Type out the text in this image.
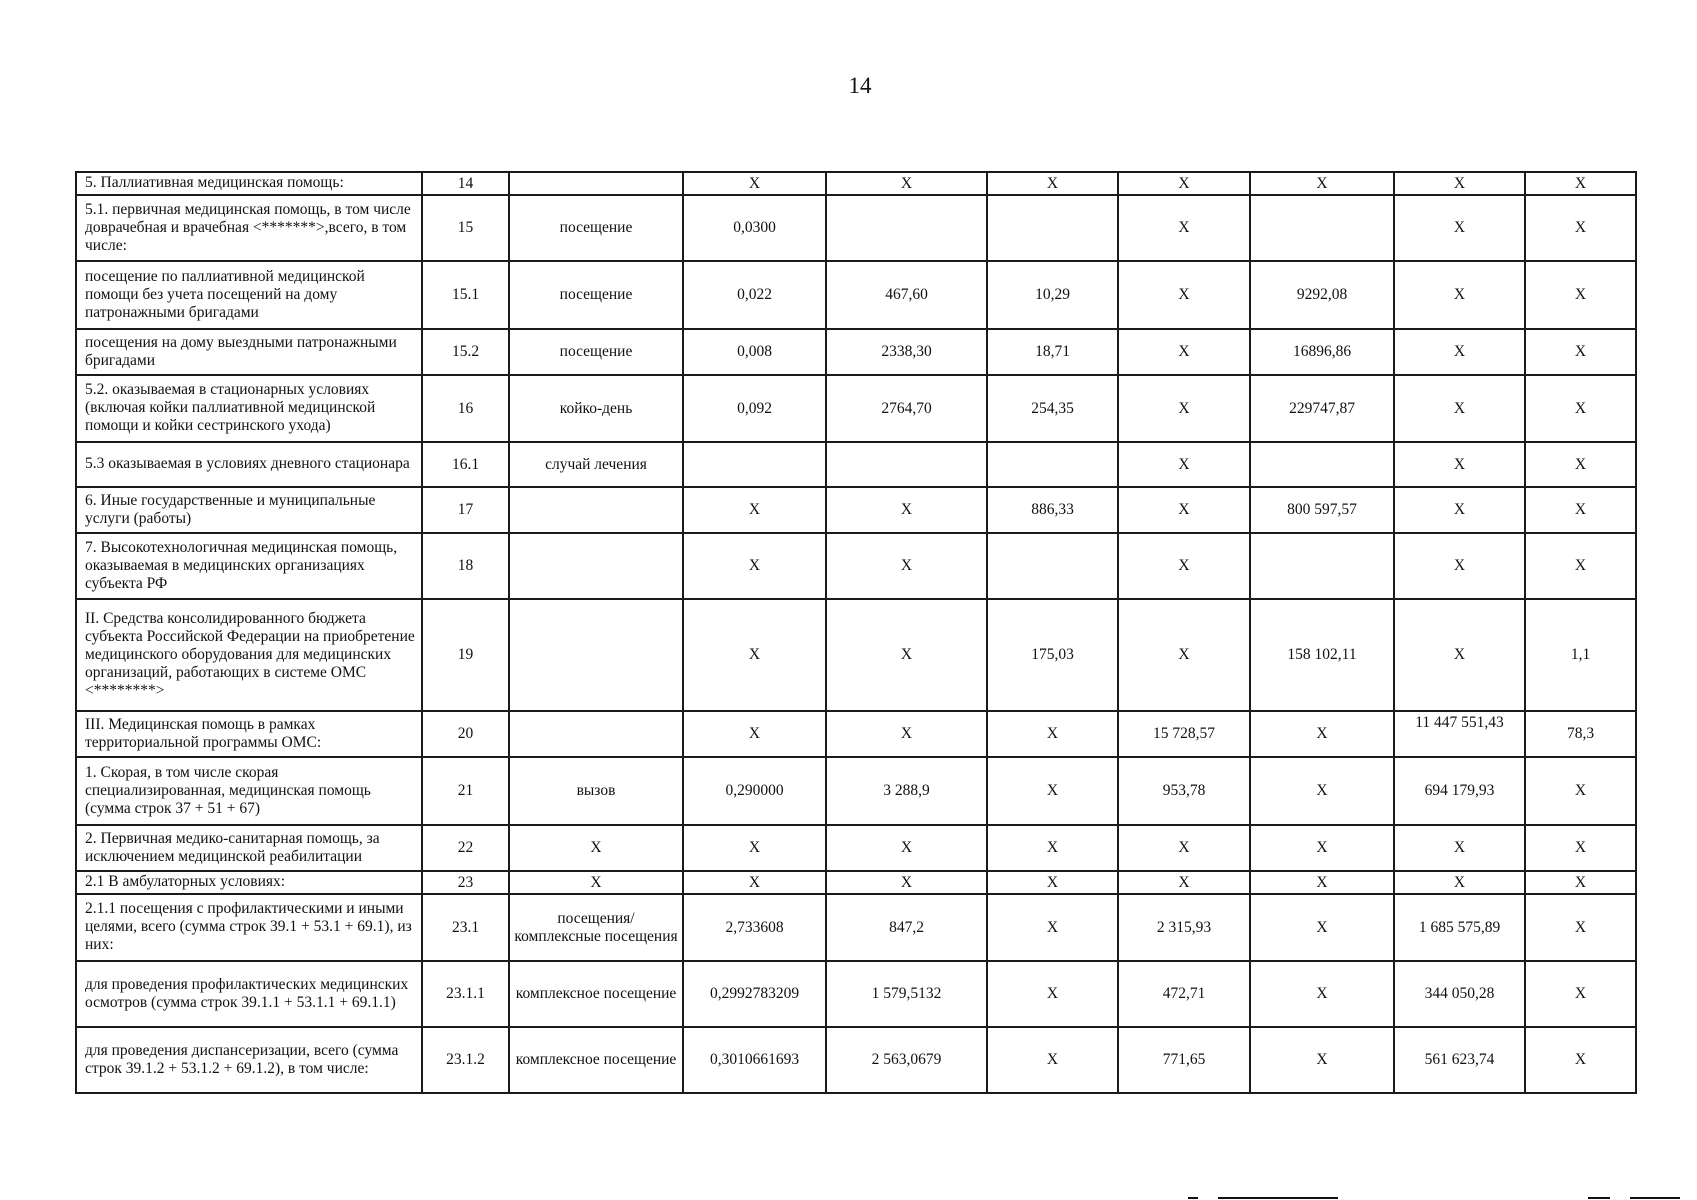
14
5. Паллиативная медицинская помощь:	14		X	X	X	X	X	X	X
5.1. первичная медицинская помощь, в том числе доврачебная и врачебная <*******>,всего, в том числе:	15	посещение	0,0300			X		X	X
посещение по паллиативной медицинской помощи без учета посещений на дому патронажными бригадами	15.1	посещение	0,022	467,60	10,29	X	9292,08	X	X
посещения на дому выездными патронажными бригадами	15.2	посещение	0,008	2338,30	18,71	X	16896,86	X	X
5.2. оказываемая в стационарных условиях (включая койки паллиативной медицинской помощи и койки сестринского ухода)	16	койко-день	0,092	2764,70	254,35	X	229747,87	X	X
5.3 оказываемая в условиях дневного стационара	16.1	случай лечения				X		X	X
6. Иные государственные и муниципальные услуги (работы)	17		X	X	886,33	X	800 597,57	X	X
7. Высокотехнологичная медицинская помощь, оказываемая в медицинских организациях субъекта РФ	18		X	X		X		X	X
II. Средства консолидированного бюджета субъекта Российской Федерации на приобретение медицинского оборудования для медицинских организаций, работающих в системе ОМС <********>	19		X	X	175,03	X	158 102,11	X	1,1
III. Медицинская помощь в рамках территориальной программы ОМС:	20		X	X	X	15 728,57	X	11 447 551,43	78,3
1. Скорая, в том числе скорая специализированная, медицинская помощь (сумма строк 37 + 51 + 67)	21	вызов	0,290000	3 288,9	X	953,78	X	694 179,93	X
2. Первичная медико-санитарная помощь, за исключением медицинской реабилитации	22	X	X	X	X	X	X	X	X
2.1 В амбулаторных условиях:	23	X	X	X	X	X	X	X	X
2.1.1 посещения с профилактическими и иными целями, всего (сумма строк 39.1 + 53.1 + 69.1), из них:	23.1	посещения/ комплексные посещения	2,733608	847,2	X	2 315,93	X	1 685 575,89	X
для проведения профилактических медицинских осмотров (сумма строк 39.1.1 + 53.1.1 + 69.1.1)	23.1.1	комплексное посещение	0,2992783209	1 579,5132	X	472,71	X	344 050,28	X
для проведения диспансеризации, всего (сумма строк 39.1.2 + 53.1.2 + 69.1.2), в том числе:	23.1.2	комплексное посещение	0,3010661693	2 563,0679	X	771,65	X	561 623,74	X
